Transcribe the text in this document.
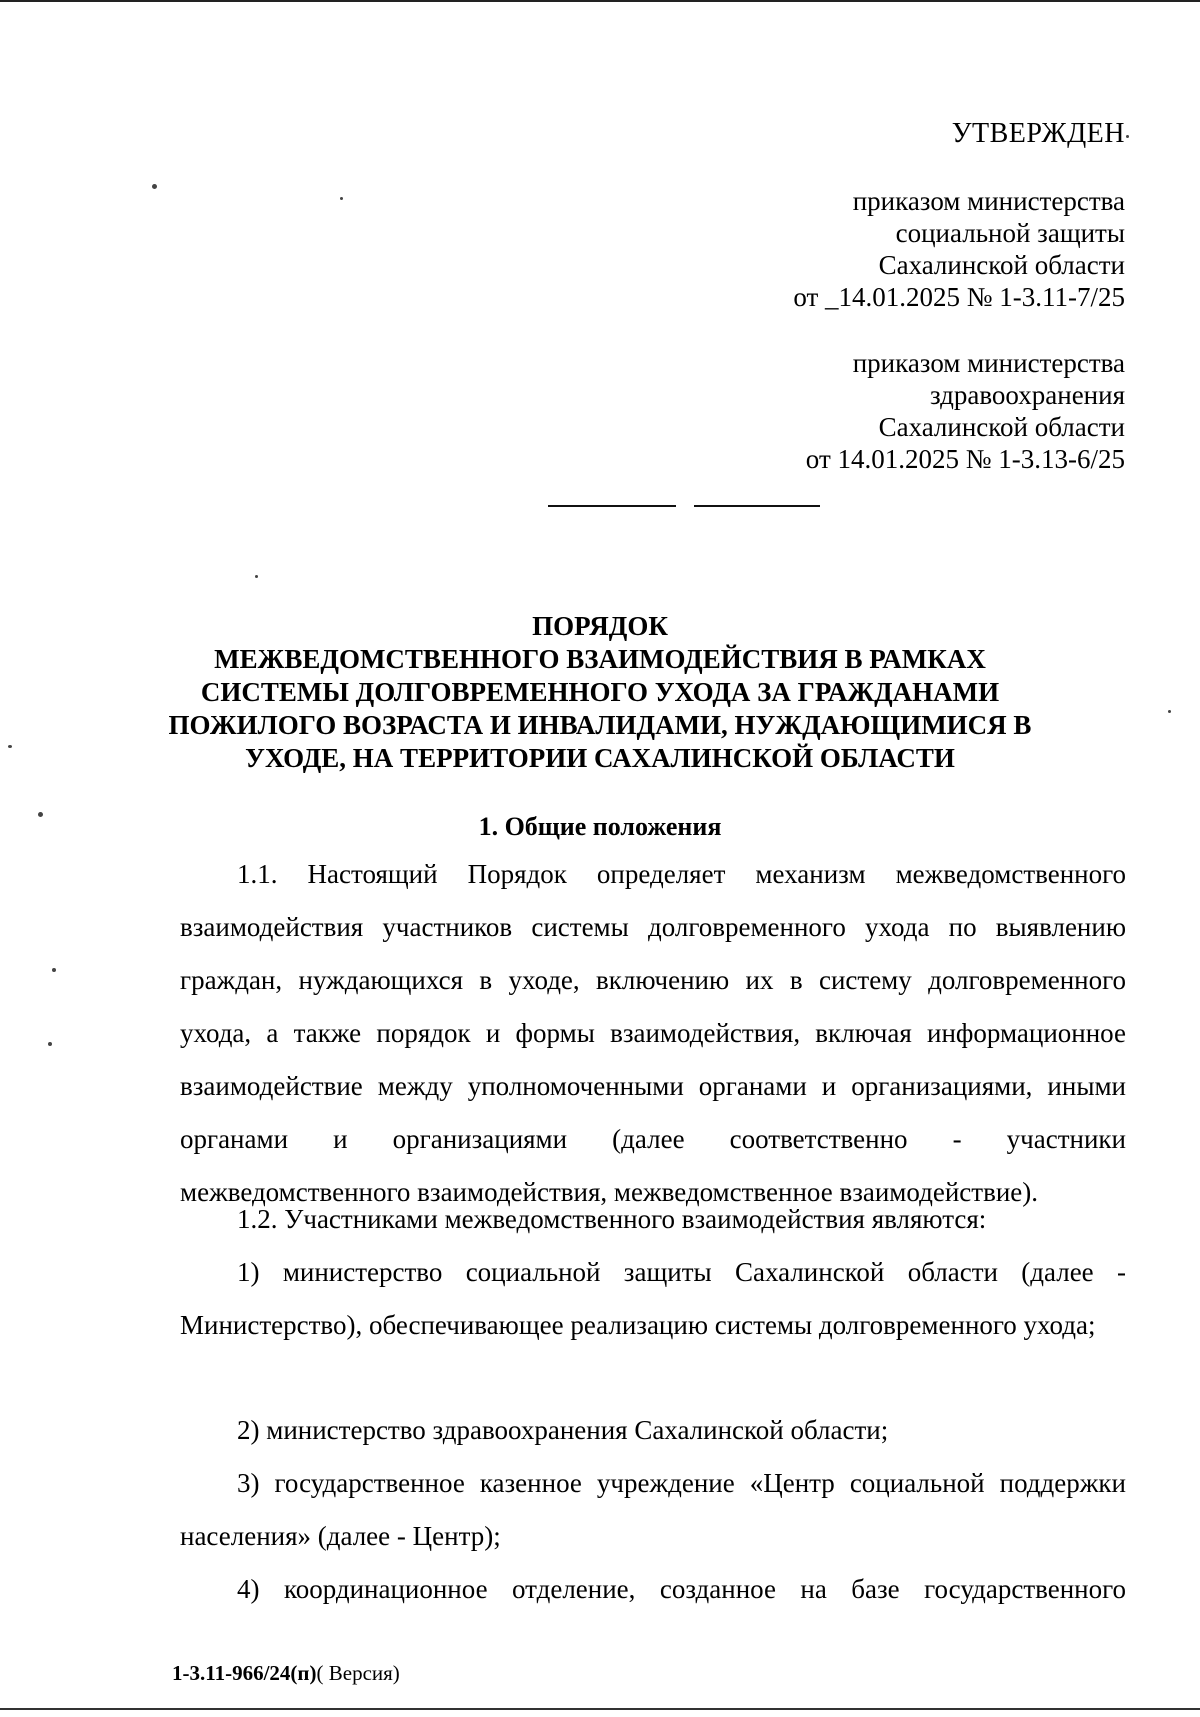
УТВЕРЖДЕН
приказом министерства
социальной защиты
Сахалинской области
от _14.01.2025 № 1-3.11-7/25
приказом министерства
здравоохранения
Сахалинской области
от 14.01.2025 № 1-3.13-6/25
ПОРЯДОК
МЕЖВЕДОМСТВЕННОГО ВЗАИМОДЕЙСТВИЯ В РАМКАХ
СИСТЕМЫ ДОЛГОВРЕМЕННОГО УХОДА ЗА ГРАЖДАНАМИ
ПОЖИЛОГО ВОЗРАСТА И ИНВАЛИДАМИ, НУЖДАЮЩИМИСЯ В
УХОДЕ, НА ТЕРРИТОРИИ САХАЛИНСКОЙ ОБЛАСТИ
1. Общие положения

1.1. Настоящий Порядок определяет механизм межведомственного взаимодействия участников системы долговременного ухода по выявлению граждан, нуждающихся в уходе, включению их в систему долговременного ухода, а также порядок и формы взаимодействия, включая информационное взаимодействие между уполномоченными органами и организациями, иными органами и организациями (далее соответственно - участники межведомственного взаимодействия, межведомственное взаимодействие).

1.2. Участниками межведомственного взаимодействия являются:

1) министерство социальной защиты Сахалинской области (далее - Министерство), обеспечивающее реализацию системы долговременного ухода;

2) министерство здравоохранения Сахалинской области;

3) государственное казенное учреждение «Центр социальной поддержки населения» (далее - Центр);

4) координационное отделение, созданное на базе государственного

1-3.11-966/24(п)( Версия)
